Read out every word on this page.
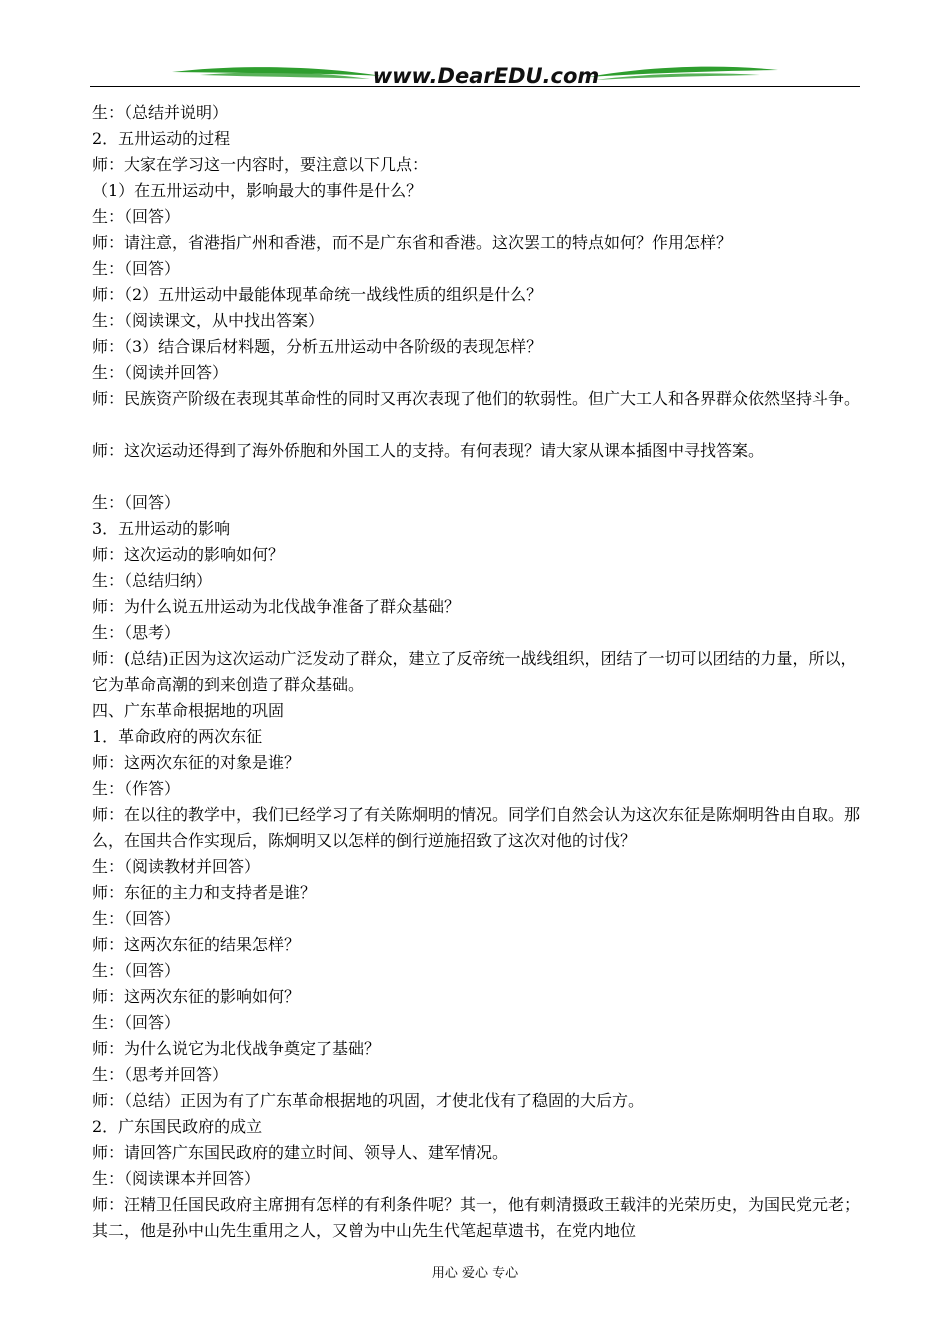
www.DearEDU.com
生：（总结并说明）
2．五卅运动的过程
师：大家在学习这一内容时，要注意以下几点：
（1）在五卅运动中，影响最大的事件是什么？
生：（回答）
师：请注意，省港指广州和香港，而不是广东省和香港。这次罢工的特点如何？作用怎样？
生：（回答）
师：（2）五卅运动中最能体现革命统一战线性质的组织是什么？
生：（阅读课文，从中找出答案）
师：（3）结合课后材料题，分析五卅运动中各阶级的表现怎样？
生：（阅读并回答）
师：民族资产阶级在表现其革命性的同时又再次表现了他们的软弱性。但广大工人和各界群众依然坚持斗争。
师：这次运动还得到了海外侨胞和外国工人的支持。有何表现？请大家从课本插图中寻找答案。
生：（回答）
3．五卅运动的影响
师：这次运动的影响如何？
生：（总结归纳）
师：为什么说五卅运动为北伐战争准备了群众基础？
生：（思考）
师：(总结)正因为这次运动广泛发动了群众，建立了反帝统一战线组织，团结了一切可以团结的力量，所以，它为革命高潮的到来创造了群众基础。
四、广东革命根据地的巩固
1．革命政府的两次东征
师：这两次东征的对象是谁？
生：（作答）
师：在以往的教学中，我们已经学习了有关陈炯明的情况。同学们自然会认为这次东征是陈炯明咎由自取。那么，在国共合作实现后，陈炯明又以怎样的倒行逆施招致了这次对他的讨伐？
生：（阅读教材并回答）
师：东征的主力和支持者是谁？
生：（回答）
师：这两次东征的结果怎样？
生：（回答）
师：这两次东征的影响如何？
生：（回答）
师：为什么说它为北伐战争奠定了基础？
生：（思考并回答）
师：（总结）正因为有了广东革命根据地的巩固，才使北伐有了稳固的大后方。
2．广东国民政府的成立
师：请回答广东国民政府的建立时间、领导人、建军情况。
生：（阅读课本并回答）
师：汪精卫任国民政府主席拥有怎样的有利条件呢？其一，他有刺清摄政王载沣的光荣历史，为国民党元老；其二，他是孙中山先生重用之人，又曾为中山先生代笔起草遗书，在党内地位
用心 爱心 专心
